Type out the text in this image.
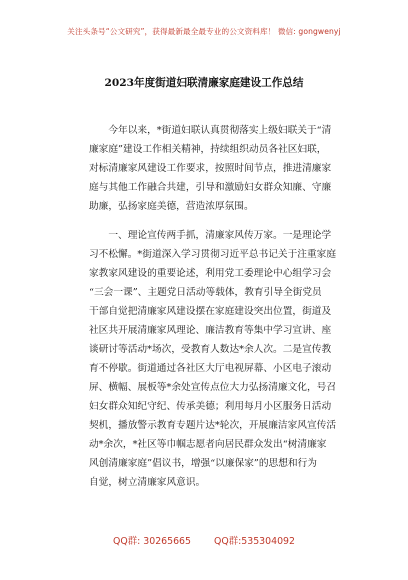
关注头条号“公文研究”，获得最新最全最专业的公文资料库！ 微信: gongwenyj
2023年度街道妇联清廉家庭建设工作总结
　　今年以来，*街道妇联认真贯彻落实上级妇联关于“清
廉家庭”建设工作相关精神，持续组织动员各社区妇联，
对标清廉家风建设工作要求，按照时间节点，推进清廉家
庭与其他工作融合共建，引导和激励妇女群众知廉、守廉
助廉，弘扬家庭美德，营造浓厚氛围。
　　一、理论宣传两手抓，清廉家风传万家。一是理论学
习不松懈。*街道深入学习贯彻习近平总书记关于注重家庭
家教家风建设的重要论述，利用党工委理论中心组学习会
“三会一课”、主题党日活动等载体，教育引导全街党员
干部自觉把清廉家风建设摆在家庭建设突出位置，街道及
社区共开展清廉家风理论、廉洁教育等集中学习宣讲、座
谈研讨等活动*场次，受教育人数达*余人次。二是宣传教
育不停歇。街道通过各社区大厅电视屏幕、小区电子滚动
屏、横幅、展板等*余处宣传点位大力弘扬清廉文化，号召
妇女群众知纪守纪、传承美德；利用每月小区服务日活动
契机，播放警示教育专题片达*轮次，开展廉洁家风宣传活
动*余次，*社区等巾帼志愿者向居民群众发出“树清廉家
风创清廉家庭”倡议书，增强“以廉保家”的思想和行为
自觉，树立清廉家风意识。
QQ群: 30265665 QQ群:535304092
